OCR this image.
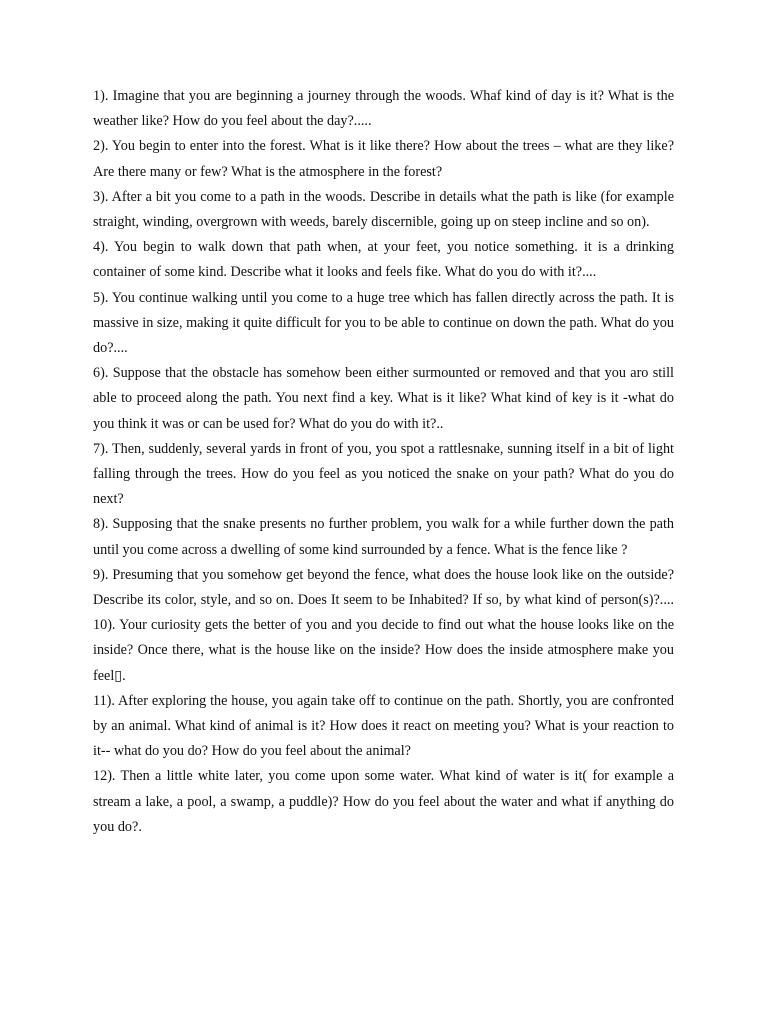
1). Imagine that you are beginning a journey through the woods. Whaf kind of day is it? What is the weather like? How do you feel about the day?.....

2). You begin to enter into the forest. What is it like there? How about the trees – what are they like? Are there many or few? What is the atmosphere in the forest?

3). After a bit you come to a path in the woods. Describe in details what the path is like (for example straight, winding, overgrown with weeds, barely discernible, going up on steep incline and so on).

4). You begin to walk down that path when, at your feet, you notice something. it is a drinking container of some kind. Describe what it looks and feels fike. What do you do with it?....

5). You continue walking until you come to a huge tree which has fallen directly across the path. It is massive in size, making it quite difficult for you to be able to continue on down the path. What do you do?....

6). Suppose that the obstacle has somehow been either surmounted or removed and that you aro still able to proceed along the path. You next find a key. What is it like? What kind of key is it -what do you think it was or can be used for? What do you do with it?..

7). Then, suddenly, several yards in front of you, you spot a rattlesnake, sunning itself in a bit of light falling through the trees. How do you feel as you noticed the snake on your path? What do you do next?

8). Supposing that the snake presents no further problem, you walk for a while further down the path until you come across a dwelling of some kind surrounded by a fence. What is the fence like ?

9). Presuming that you somehow get beyond the fence, what does the house look like on the outside? Describe its color, style, and so on. Does It seem to be Inhabited? If so, by what kind of person(s)?....

10). Your curiosity gets the better of you and you decide to find out what the house looks like on the inside? Once there, what is the house like on the inside? How does the inside atmosphere make you feel▯.

11). After exploring the house, you again take off to continue on the path. Shortly, you are confronted by an animal. What kind of animal is it? How does it react on meeting you? What is your reaction to it-- what do you do? How do you feel about the animal?

12). Then a little white later, you come upon some water. What kind of water is it( for example a stream a lake, a pool, a swamp, a puddle)? How do you feel about the water and what if anything do you do?.
